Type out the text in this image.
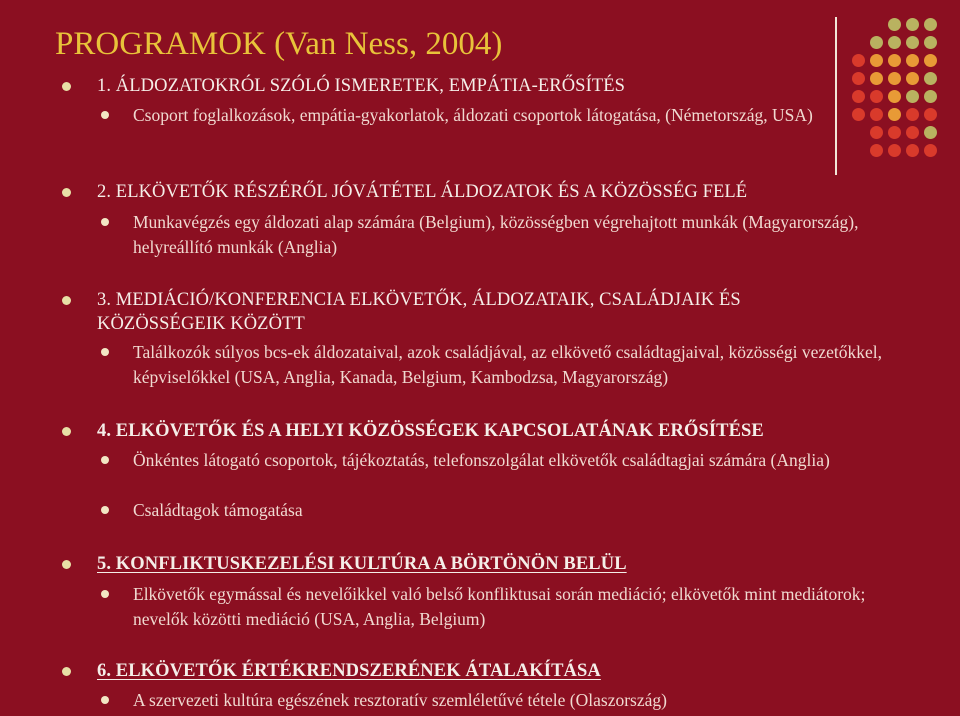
PROGRAMOK (Van Ness, 2004)
1. ÁLDOZATOKRÓL SZÓLÓ ISMERETEK, EMPÁTIA-ERŐSÍTÉS
Csoport foglalkozások, empátia-gyakorlatok, áldozati csoportok látogatása, (Németország, USA)
2. ELKÖVETŐK RÉSZÉRŐL JÓVÁTÉTEL ÁLDOZATOK ÉS A KÖZÖSSÉG FELÉ
Munkavégzés egy áldozati alap számára (Belgium), közösségben végrehajtott munkák (Magyarország), helyreállító munkák (Anglia)
3. MEDIÁCIÓ/KONFERENCIA ELKÖVETŐK, ÁLDOZATAIK, CSALÁDJAIK ÉS KÖZÖSSÉGEIK KÖZÖTT
Találkozók súlyos bcs-ek áldozataival, azok családjával, az elkövető családtagjaival, közösségi vezetőkkel, képviselőkkel (USA, Anglia, Kanada, Belgium, Kambodzsa, Magyarország)
4. ELKÖVETŐK ÉS A HELYI KÖZÖSSÉGEK KAPCSOLATÁNAK ERŐSÍTÉSE
Önkéntes látogató csoportok, tájékoztatás, telefonszolgálat elkövetők családtagjai számára (Anglia)
Családtagok támogatása
5. KONFLIKTUSKEZELÉSI KULTÚRA A BÖRTÖNÖN BELÜL
Elkövetők egymással és nevelőikkel való belső konfliktusai során mediáció; elkövetők mint mediátorok; nevelők közötti mediáció (USA, Anglia, Belgium)
6. ELKÖVETŐK ÉRTÉKRENDSZERÉNEK ÁTALAKÍTÁSA
A szervezeti kultúra egészének resztoratív szemléletűvé tétele (Olaszország)
